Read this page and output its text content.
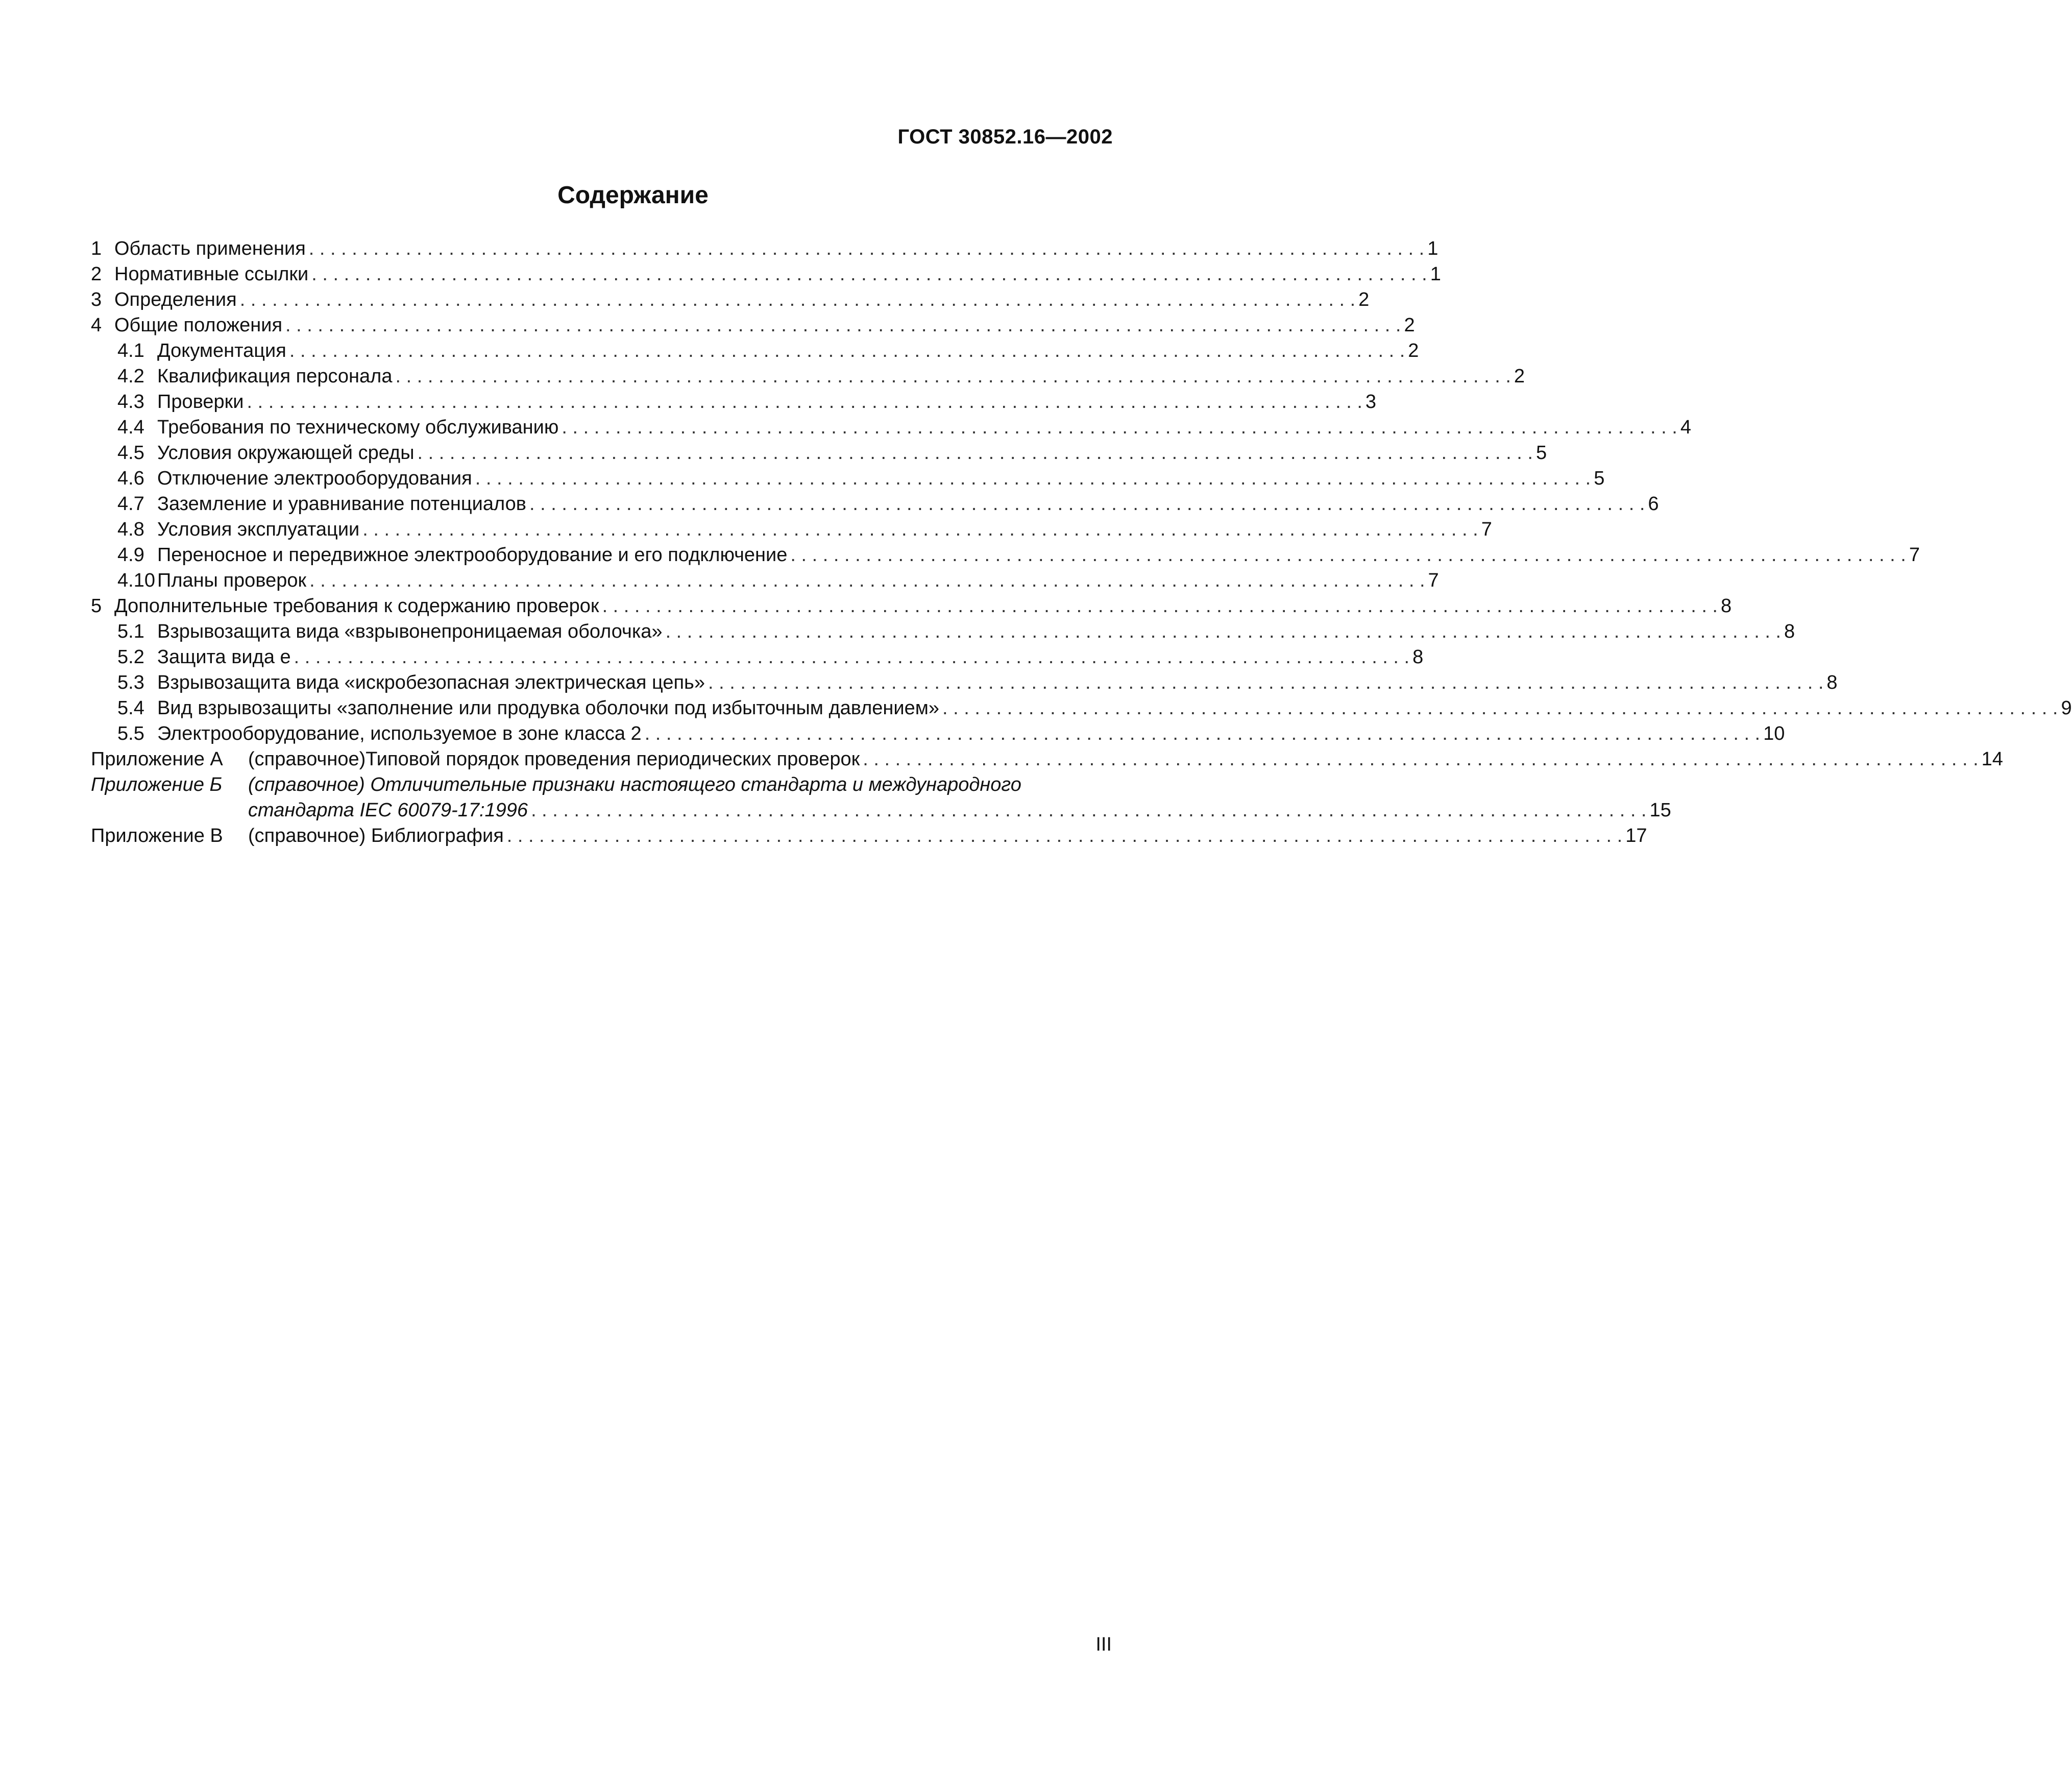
ГОСТ 30852.16—2002
Содержание
1 Область применения . . .	1
2 Нормативные ссылки . . .	1
3 Определения . . .	2
4 Общие положения . . .	2
4.1 Документация . . .	2
4.2 Квалификация персонала . . .	2
4.3 Проверки . . .	3
4.4 Требования по техническому обслуживанию . . .	4
4.5 Условия окружающей среды . . .	5
4.6 Отключение электрооборудования . . .	5
4.7 Заземление и уравнивание потенциалов . . .	6
4.8 Условия эксплуатации . . .	7
4.9 Переносное и передвижное электрооборудование и его подключение . . .	7
4.10 Планы проверок . . .	7
5 Дополнительные требования к содержанию проверок . . .	8
5.1 Взрывозащита вида «взрывонепроницаемая оболочка» . . .	8
5.2 Защита вида е . . .	8
5.3 Взрывозащита вида «искробезопасная электрическая цепь» . . .	8
5.4 Вид взрывозащиты «заполнение или продувка оболочки под избыточным давлением» . . .	9
5.5 Электрооборудование, используемое в зоне класса 2 . . .	10
Приложение А	(справочное)Типовой порядок проведения периодических проверок . . .	14
Приложение Б	(справочное) Отличительные признаки настоящего стандарта и международного
стандарта IEC 60079-17:1996 . . .	15
Приложение В	(справочное) Библиография . . .	17
III
